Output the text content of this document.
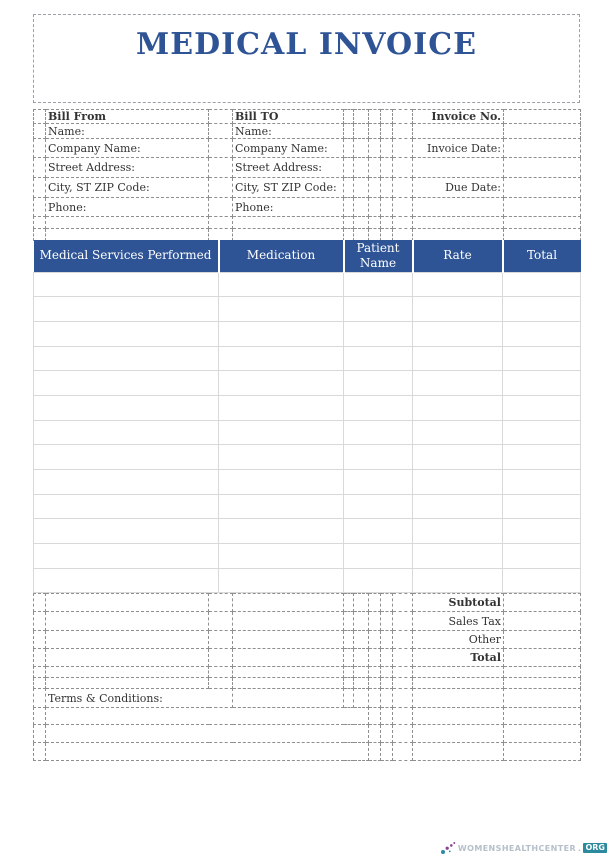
MEDICAL INVOICE
	Bill From		Bill TO						Invoice No.	
	Name:		Name:							
	Company Name:		Company Name:						Invoice Date:	
	Street Address:		Street Address:							
	City, ST ZIP Code:		City, ST ZIP Code:						Due Date:	
	Phone:		Phone:							

Medical Services Performed	Medication	Patient Name	Rate	Total

									Subtotal	
									Sales Tax	
									Other	
									Total	

	Terms & Conditions:								

WOMENSHEALTHCENTER . ORG
